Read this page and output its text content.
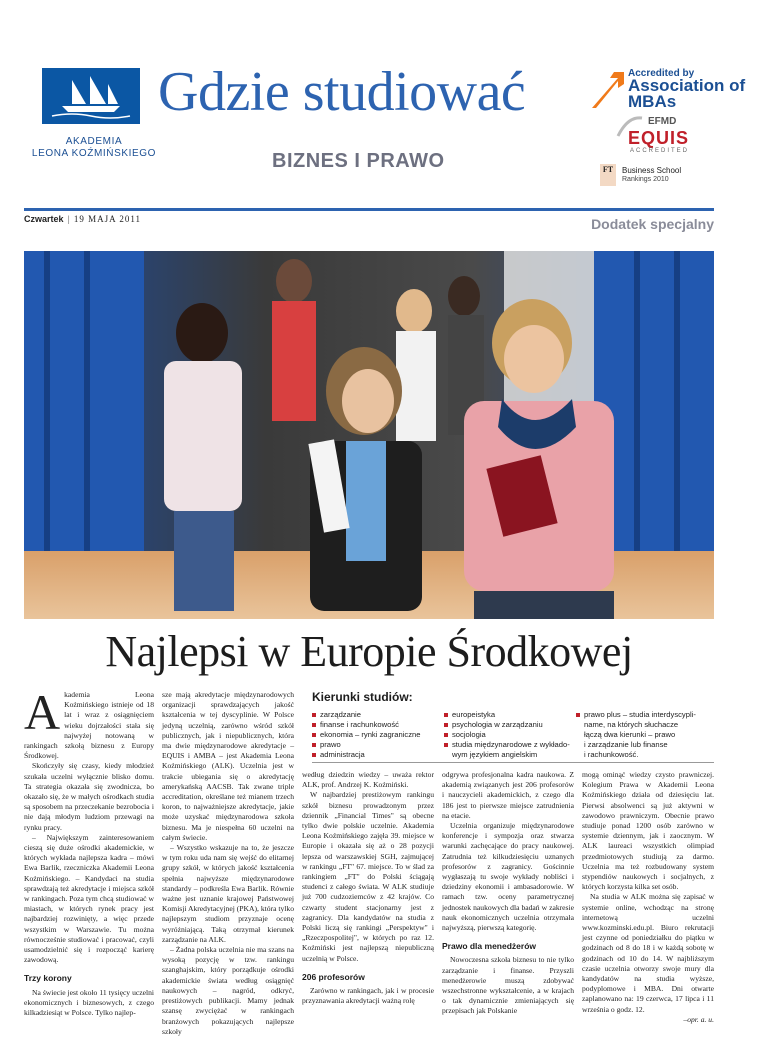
AKADEMIA
LEONA KOŹMIŃSKIEGO
Gdzie studiować
BIZNES I PRAWO
Accredited by
Association of MBAs
EFMD
EQUIS
ACCREDITED
FT	Business School
Rankings 2010
Czwartek | 19 MAJA 2011	Dodatek specjalny
Najlepsi w Europie Środkowej

Akademia Leona Koźmińskiego istnieje od 18 lat i wraz z osiągnięciem wieku dojrzałości stała się najwyżej notowaną w rankingach szkołą biznesu z Europy Środkowej.

Skończyły się czasy, kiedy młodzież szukała uczelni wyłącznie blisko domu. Ta strategia okazała się zwodnicza, bo okazało się, że w małych ośrodkach studia są sposobem na przeczekanie bezrobocia i nie dają młodym ludziom przewagi na rynku pracy.

– Największym zainteresowaniem cieszą się duże ośrodki akademickie, w których wykłada najlepsza kadra – mówi Ewa Barlik, rzeczniczka Akademii Leona Koźmińskiego. – Kandydaci na studia sprawdzają też akredytacje i miejsca szkół w rankingach. Poza tym chcą studiować w miastach, w których rynek pracy jest najbardziej rozwinięty, a więc przede wszystkim w Warszawie. Tu można równocześnie studiować i pracować, czyli usamodzielnić się i rozpocząć karierę zawodową.

Trzy korony

Na świecie jest około 11 tysięcy uczelni ekonomicznych i biznesowych, z czego kilkadziesiąt w Polsce. Tylko najlep-

sze mają akredytacje międzynarodowych organizacji sprawdzających jakość kształcenia w tej dyscyplinie. W Polsce jedyną uczelnią, zarówno wśród szkół publicznych, jak i niepublicznych, która ma dwie międzynarodowe akredytacje – EQUIS i AMBA – jest Akademia Leona Koźmińskiego (ALK). Uczelnia jest w trakcie ubiegania się o akredytację amerykańską AACSB. Tak zwane triple accreditation, określane też mianem trzech koron, to najważniejsze akredytacje, jakie może uzyskać międzynarodowa szkoła biznesu. Ma je niespełna 60 uczelni na całym świecie.

– Wszystko wskazuje na to, że jeszcze w tym roku uda nam się wejść do elitarnej grupy szkół, w których jakość kształcenia spełnia najwyższe międzynarodowe standardy – podkreśla Ewa Barlik. Równie ważne jest uznanie krajowej Państwowej Komisji Akredytacyjnej (PKA), która tylko najlepszym studiom przyznaje ocenę wyróżniającą. Taką otrzymał kierunek zarządzanie na ALK.

– Żadna polska uczelnia nie ma szans na wysoką pozycję w tzw. rankingu szanghajskim, który porządkuje ośrodki akademickie świata według osiągnięć naukowych – nagród, odkryć, prestiżowych publikacji. Mamy jednak szansę zwyciężać w rankingach branżowych pokazujących najlepsze szkoły

Kierunki studiów:
zarządzanie
finanse i rachunkowość
ekonomia – rynki zagraniczne
prawo
administracja
europeistyka
psychologia w zarządzaniu
socjologia
studia międzynarodowe z wykłado-
wym językiem angielskim
prawo plus – studia interdyscypli-
name, na których słuchacze
łączą dwa kierunki – prawo
i zarządzanie lub finanse
i rachunkowość.

według dziedzin wiedzy – uważa rektor ALK, prof. Andrzej K. Koźmiński.

W najbardziej prestiżowym rankingu szkół biznesu prowadzonym przez dziennik „Financial Times" są obecne tylko dwie polskie uczelnie. Akademia Leona Koźmińskiego zajęła 39. miejsce w Europie i okazała się aż o 28 pozycji lepsza od warszawskiej SGH, zajmującej w rankingu „FT" 67. miejsce. To w ślad za rankingiem „FT" do Polski ściągają studenci z całego świata. W ALK studiuje już 700 cudzoziemców z 42 krajów. Co czwarty student stacjonarny jest z zagranicy. Dla kandydatów na studia z Polski liczą się rankingi „Perspektyw" i „Rzeczpospolitej", w których po raz 12. Koźmiński jest najlepszą niepubliczną uczelnią w Polsce.

206 profesorów

Zarówno w rankingach, jak i w procesie przyznawania akredytacji ważną rolę

odgrywa profesjonalna kadra naukowa. Z akademią związanych jest 206 profesorów i nauczycieli akademickich, z czego dla 186 jest to pierwsze miejsce zatrudnienia na etacie.

Uczelnia organizuje międzynarodowe konferencje i sympozja oraz stwarza warunki zachęcające do pracy naukowej. Zatrudnia też kilkudziesięciu uznanych profesorów z zagranicy. Gościnnie wygłaszają tu swoje wykłady nobliści i dziedziny ekonomii i ambasadorowie. W ramach tzw. oceny parametrycznej jednostek naukowych dla badań w zakresie nauk ekonomicznych uczelnia otrzymała najwyższą, pierwszą kategorię.

Prawo dla menedżerów

Nowoczesna szkoła biznesu to nie tylko zarządzanie i finanse. Przyszli menedżerowie muszą zdobywać wszechstronne wykształcenie, a w krajach o tak dynamicznie zmieniających się przepisach jak Polskanie

mogą ominąć wiedzy czysto prawniczej. Kolegium Prawa w Akademii Leona Koźmińskiego działa od dziesięciu lat. Pierwsi absolwenci są już aktywni w zawodowo prawniczym. Obecnie prawo studiuje ponad 1200 osób zarówno w systemie dziennym, jak i zaocznym. W ALK laureaci wszystkich olimpiad przedmiotowych studiują za darmo. Uczelnia ma też rozbudowany system stypendiów naukowych i socjalnych, z których korzysta kilka set osób.

Na studia w ALK można się zapisać w systemie online, wchodząc na stronę internetową uczelni www.kozminski.edu.pl. Biuro rekrutacji jest czynne od poniedziałku do piątku w godzinach od 8 do 18 i w każdą sobotę w godzinach od 10 do 14. W najbliższym czasie uczelnia otworzy swoje mury dla kandydatów na studia wyższe, podyplomowe i MBA. Dni otwarte zaplanowano na: 19 czerwca, 17 lipca i 11 września o godz. 12.

–opr. a. u.
